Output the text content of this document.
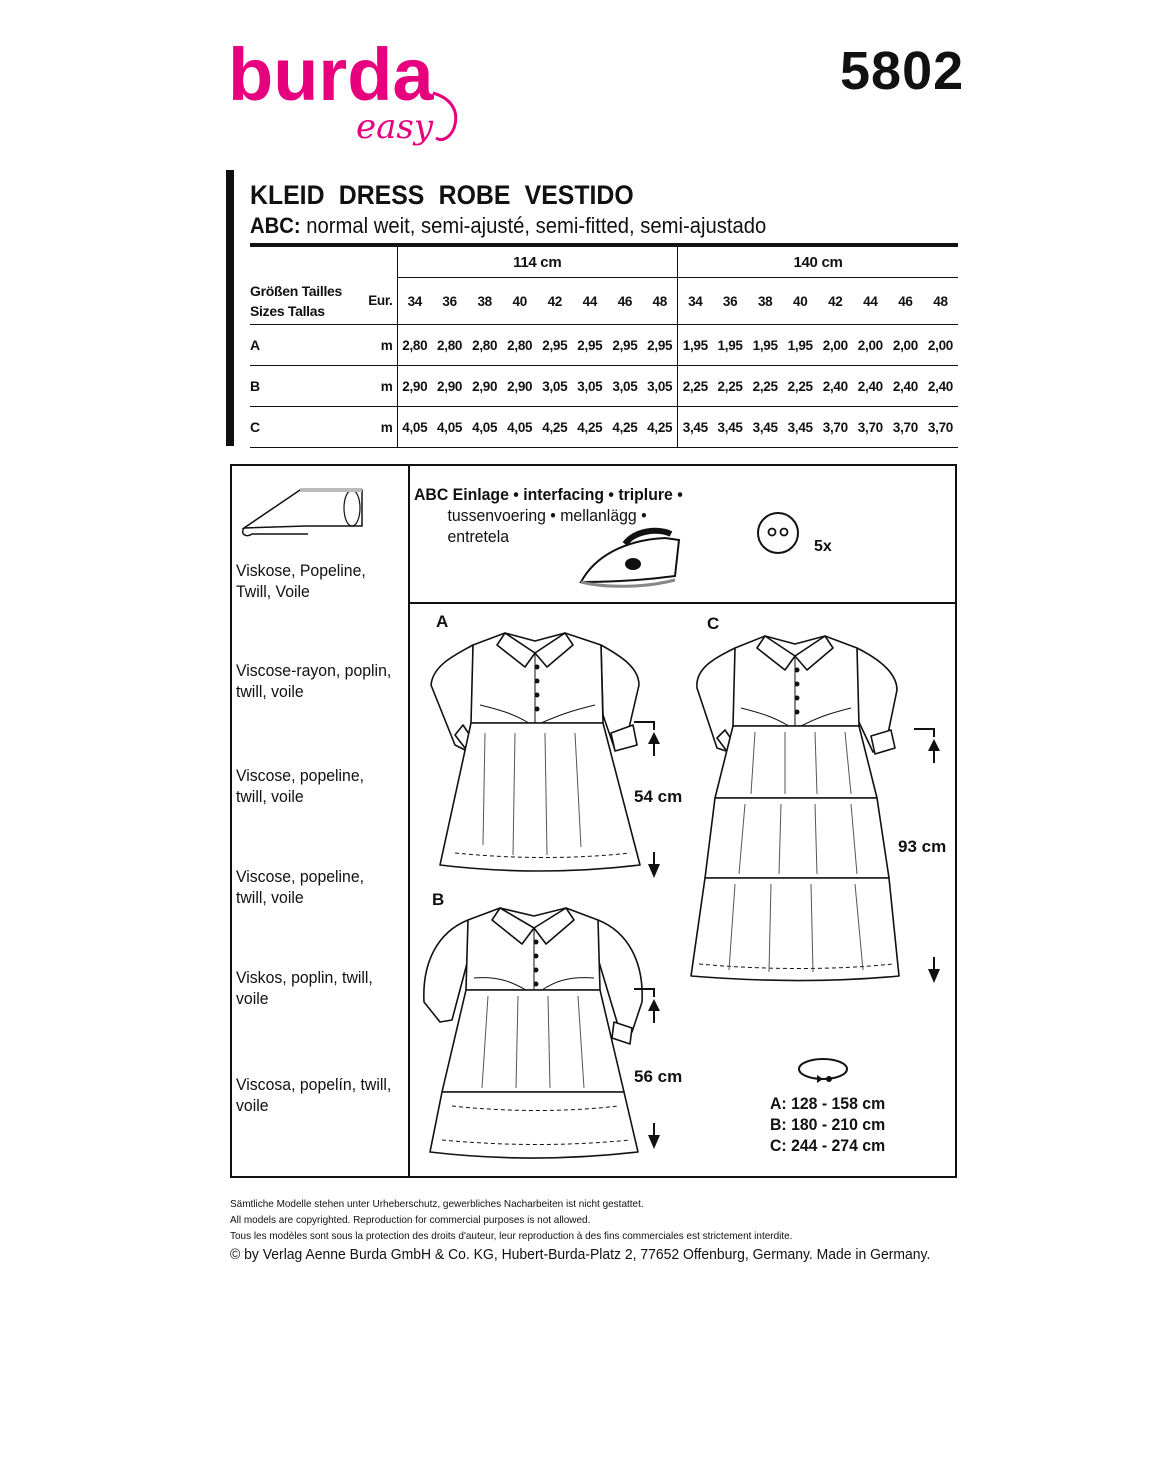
burda
easy
5802
KLEID DRESS ROBE VESTIDO
ABC: normal weit, semi-ajusté, semi-fitted, semi-ajustado
		114 cm								140 cm							
Größen Tailles
Sizes Tallas	Eur.	34	36	38	40	42	44	46	48	34	36	38	40	42	44	46	48
A	m	2,80	2,80	2,80	2,80	2,95	2,95	2,95	2,95	1,95	1,95	1,95	1,95	2,00	2,00	2,00	2,00
B	m	2,90	2,90	2,90	2,90	3,05	3,05	3,05	3,05	2,25	2,25	2,25	2,25	2,40	2,40	2,40	2,40
C	m	4,05	4,05	4,05	4,05	4,25	4,25	4,25	4,25	3,45	3,45	3,45	3,45	3,70	3,70	3,70	3,70
Viskose, Popeline,
Twill, Voile
Viscose-rayon, poplin,
twill, voile
Viscose, popeline,
twill, voile
Viscose, popeline,
twill, voile
Viskos, poplin, twill,
voile
Viscosa, popelín, twill,
voile
ABC Einlage • interfacing • triplure •
tussenvoering • mellanlägg •
entretela
5x
A
B
C
54 cm
56 cm
93 cm
A: 128 - 158 cm
B: 180 - 210 cm
C: 244 - 274 cm
Sämtliche Modelle stehen unter Urheberschutz, gewerbliches Nacharbeiten ist nicht gestattet.
All models are copyrighted. Reproduction for commercial purposes is not allowed.
Tous les modèles sont sous la protection des droits d'auteur, leur reproduction à des fins commerciales est strictement interdite.
© by Verlag Aenne Burda GmbH & Co. KG, Hubert-Burda-Platz 2, 77652 Offenburg, Germany. Made in Germany.
